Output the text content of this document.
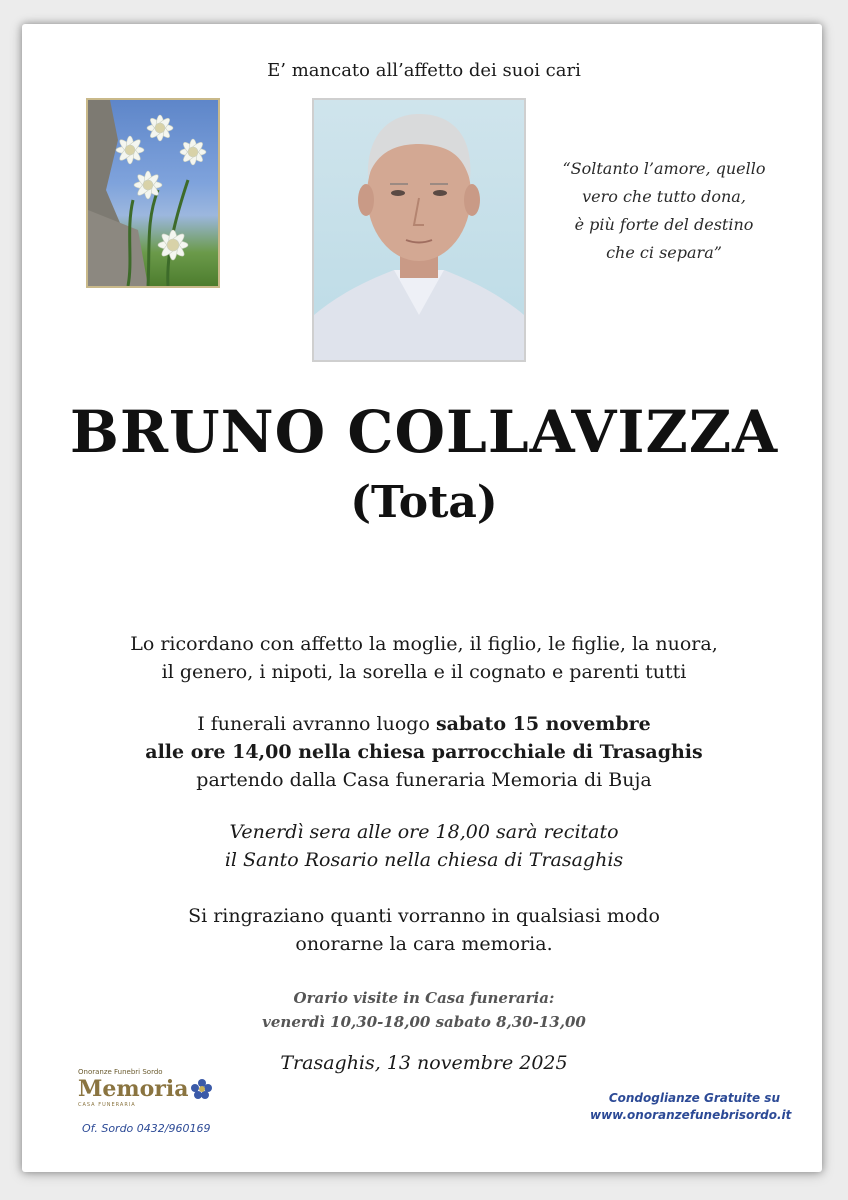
E’ mancato all’affetto dei suoi cari
“Soltanto l’amore, quello
vero che tutto dona,
è più forte del destino
che ci separa”
BRUNO COLLAVIZZA
(Tota)
Lo ricordano con affetto la moglie, il figlio, le figlie, la nuora,
il genero, i nipoti, la sorella e il cognato e parenti tutti
I funerali avranno luogo sabato 15 novembre
alle ore 14,00 nella chiesa parrocchiale di Trasaghis
partendo dalla Casa funeraria Memoria di Buja
Venerdì sera alle ore 18,00 sarà recitato
il Santo Rosario nella chiesa di Trasaghis
Si ringraziano quanti vorranno in qualsiasi modo
onorarne la cara memoria.
Orario visite in Casa funeraria:
venerdì 10,30-18,00 sabato 8,30-13,00
Trasaghis, 13 novembre 2025
Onoranze Funebri Sordo
Memoria
CASA FUNERARIA
Of. Sordo 0432/960169
Condoglianze Gratuite su
www.onoranzefunebrisordo.it
